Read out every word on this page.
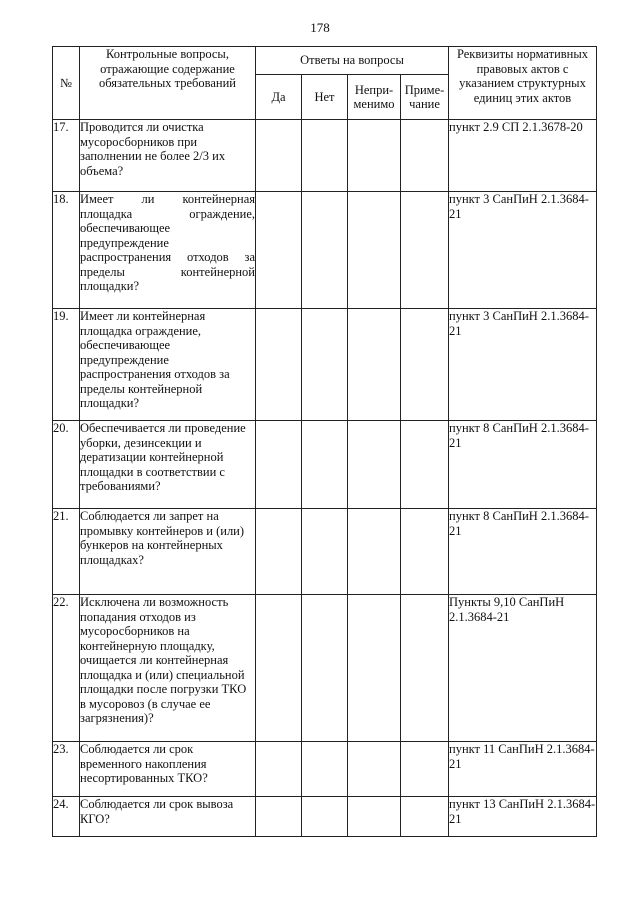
178
№	Контрольные вопросы, отражающие содержание обязательных требований	Ответы на вопросы				Реквизиты нормативных правовых актов с указанием структурных единиц этих актов
		Да	Нет	Непри-менимо	Приме-чание	
17.	Проводится ли очистка мусоросборников при заполнении не более 2/3 их объема?					пункт 2.9 СП 2.1.3678-20
18.	Имеет ли контейнерная площадка ограждение, обеспечивающее предупреждение распространения отходов за пределы контейнерной площадки?					пункт 3 СанПиН 2.1.3684-21
19.	Имеет ли контейнерная площадка ограждение, обеспечивающее предупреждение распространения отходов за пределы контейнерной площадки?					пункт 3 СанПиН 2.1.3684-21
20.	Обеспечивается ли проведение уборки, дезинсекции и дератизации контейнерной площадки в соответствии с требованиями?					пункт 8 СанПиН 2.1.3684-21
21.	Соблюдается ли запрет на промывку контейнеров и (или) бункеров на контейнерных площадках?					пункт 8 СанПиН 2.1.3684-21
22.	Исключена ли возможность попадания отходов из мусоросборников на контейнерную площадку, очищается ли контейнерная площадка и (или) специальной площадки после погрузки ТКО в мусоровоз (в случае ее загрязнения)?					Пункты 9,10 СанПиН 2.1.3684-21
23.	Соблюдается ли срок временного накопления несортированных ТКО?					пункт 11 СанПиН 2.1.3684-21
24.	Соблюдается ли срок вывоза КГО?					пункт 13 СанПиН 2.1.3684-21
